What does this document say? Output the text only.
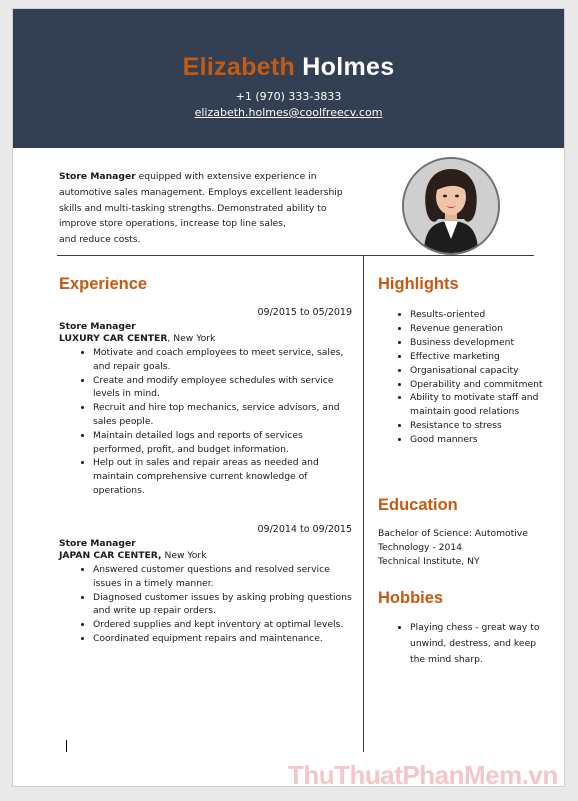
Elizabeth Holmes
+1 (970) 333-3833
elizabeth.holmes@coolfreecv.com
Store Manager equipped with extensive experience in
automotive sales management. Employs excellent leadership
skills and multi-tasking strengths. Demonstrated ability to
improve store operations, increase top line sales,
and reduce costs.
Experience
09/2015 to 05/2019
Store Manager
LUXURY CAR CENTER, New York
• Motivate and coach employees to meet service, sales, and repair goals.
• Create and modify employee schedules with service levels in mind.
• Recruit and hire top mechanics, service advisors, and sales people.
• Maintain detailed logs and reports of services performed, profit, and budget information.
• Help out in sales and repair areas as needed and maintain comprehensive current knowledge of operations.
09/2014 to 09/2015
Store Manager
JAPAN CAR CENTER, New York
• Answered customer questions and resolved service issues in a timely manner.
• Diagnosed customer issues by asking probing questions and write up repair orders.
• Ordered supplies and kept inventory at optimal levels.
• Coordinated equipment repairs and maintenance.
Highlights
• Results-oriented
• Revenue generation
• Business development
• Effective marketing
• Organisational capacity
• Operability and commitment
• Ability to motivate staff and maintain good relations
• Resistance to stress
• Good manners
Education
Bachelor of Science: Automotive
Technology - 2014
Technical Institute, NY
Hobbies
• Playing chess - great way to unwind, destress, and keep the mind sharp.
ThuThuatPhanMem.vn
